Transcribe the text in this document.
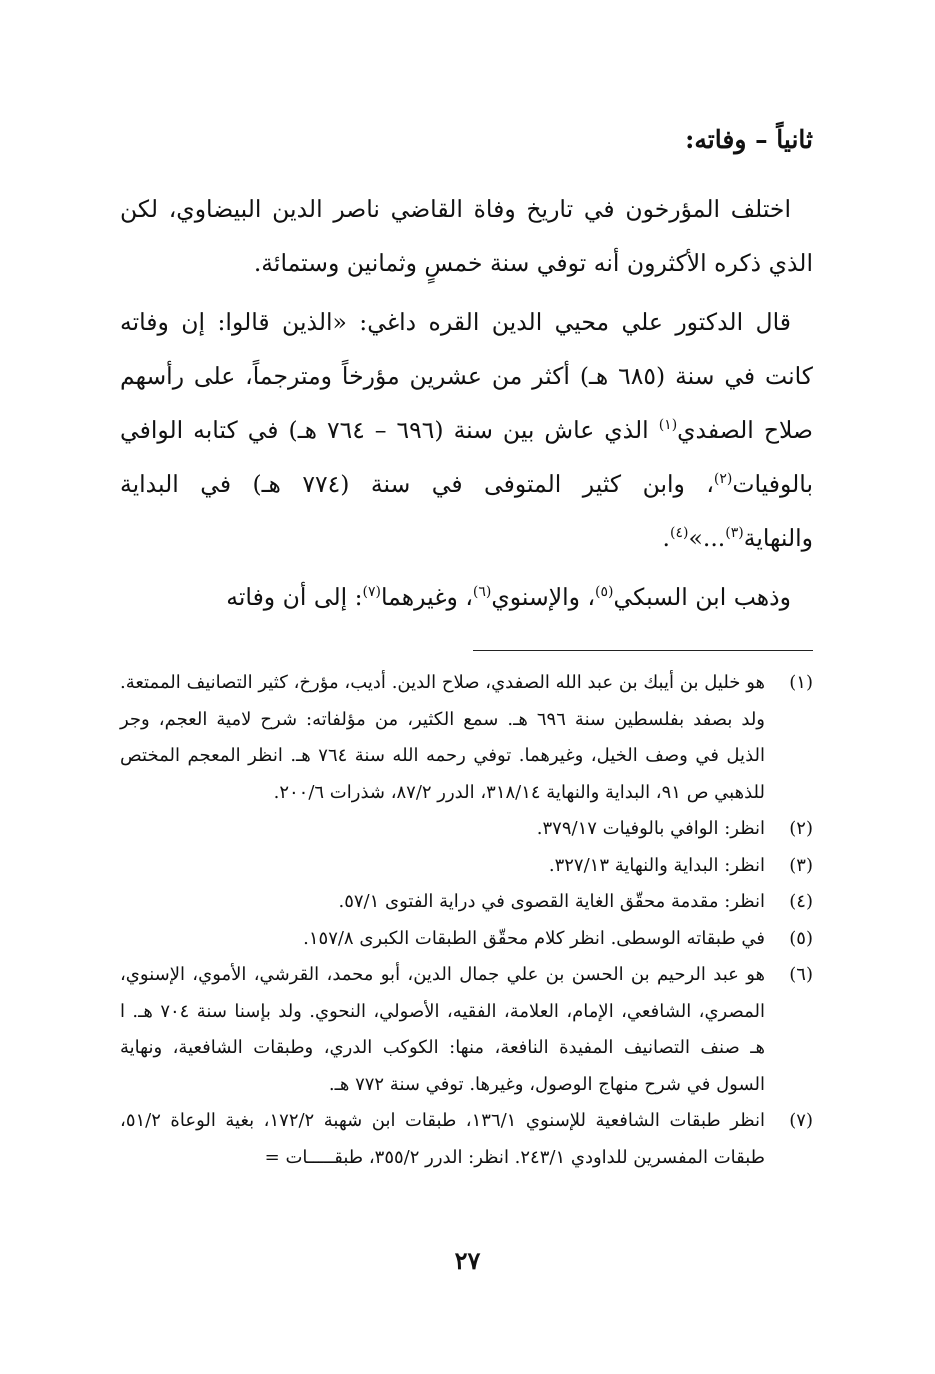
ثانياً – وفاته:

اختلف المؤرخون في تاريخ وفاة القاضي ناصر الدين البيضاوي، لكن الذي ذكره الأكثرون أنه توفي سنة خمسٍ وثمانين وستمائة.

قال الدكتور علي محيي الدين القره داغي: «الذين قالوا: إن وفاته كانت في سنة (٦٨٥ هـ) أكثر من عشرين مؤرخاً ومترجماً، على رأسهم صلاح الصفدي$^{(١)}$ الذي عاش بين سنة (٦٩٦ – ٧٦٤ هـ) في كتابه الوافي بالوفيات$^{(٢)}$، وابن كثير المتوفى في سنة (٧٧٤ هـ) في البداية والنهاية$^{(٣)}$...»$^{(٤)}$.

وذهب ابن السبكي$^{(٥)}$، والإسنوي$^{(٦)}$، وغيرهما$^{(٧)}$: إلى أن وفاته

(١)
هو خليل بن أيبك بن عبد الله الصفدي، صلاح الدين. أديب، مؤرخ، كثير التصانيف الممتعة. ولد بصفد بفلسطين سنة ٦٩٦ هـ. سمع الكثير، من مؤلفاته: شرح لامية العجم، وجر الذيل في وصف الخيل، وغيرهما. توفي رحمه الله سنة ٧٦٤ هـ. انظر المعجم المختص للذهبي ص ٩١، البداية والنهاية ٣١٨/١٤، الدرر ٨٧/٢، شذرات ٢٠٠/٦.
(٢)
انظر: الوافي بالوفيات ٣٧٩/١٧.
(٣)
انظر: البداية والنهاية ٣٢٧/١٣.
(٤)
انظر: مقدمة محقّق الغاية القصوى في دراية الفتوى ٥٧/١.
(٥)
في طبقاته الوسطى. انظر كلام محقّق الطبقات الكبرى ١٥٧/٨.
(٦)
هو عبد الرحيم بن الحسن بن علي جمال الدين، أبو محمد، القرشي، الأموي، الإسنوي، المصري، الشافعي، الإمام، العلامة، الفقيه، الأصولي، النحوي. ولد بإسنا سنة ٧٠٤ هـ. ا هـ صنف التصانيف المفيدة النافعة، منها: الكوكب الدري، وطبقات الشافعية، ونهاية السول في شرح منهاج الوصول، وغيرها. توفي سنة ٧٧٢ هـ.
(٧)
انظر طبقات الشافعية للإسنوي ١٣٦/١، طبقات ابن شهبة ١٧٢/٢، بغية الوعاة ٥١/٢، طبقات المفسرين للداودي ٢٤٣/١. انظر: الدرر ٣٥٥/٢، طبقـــــات =
٢٧
